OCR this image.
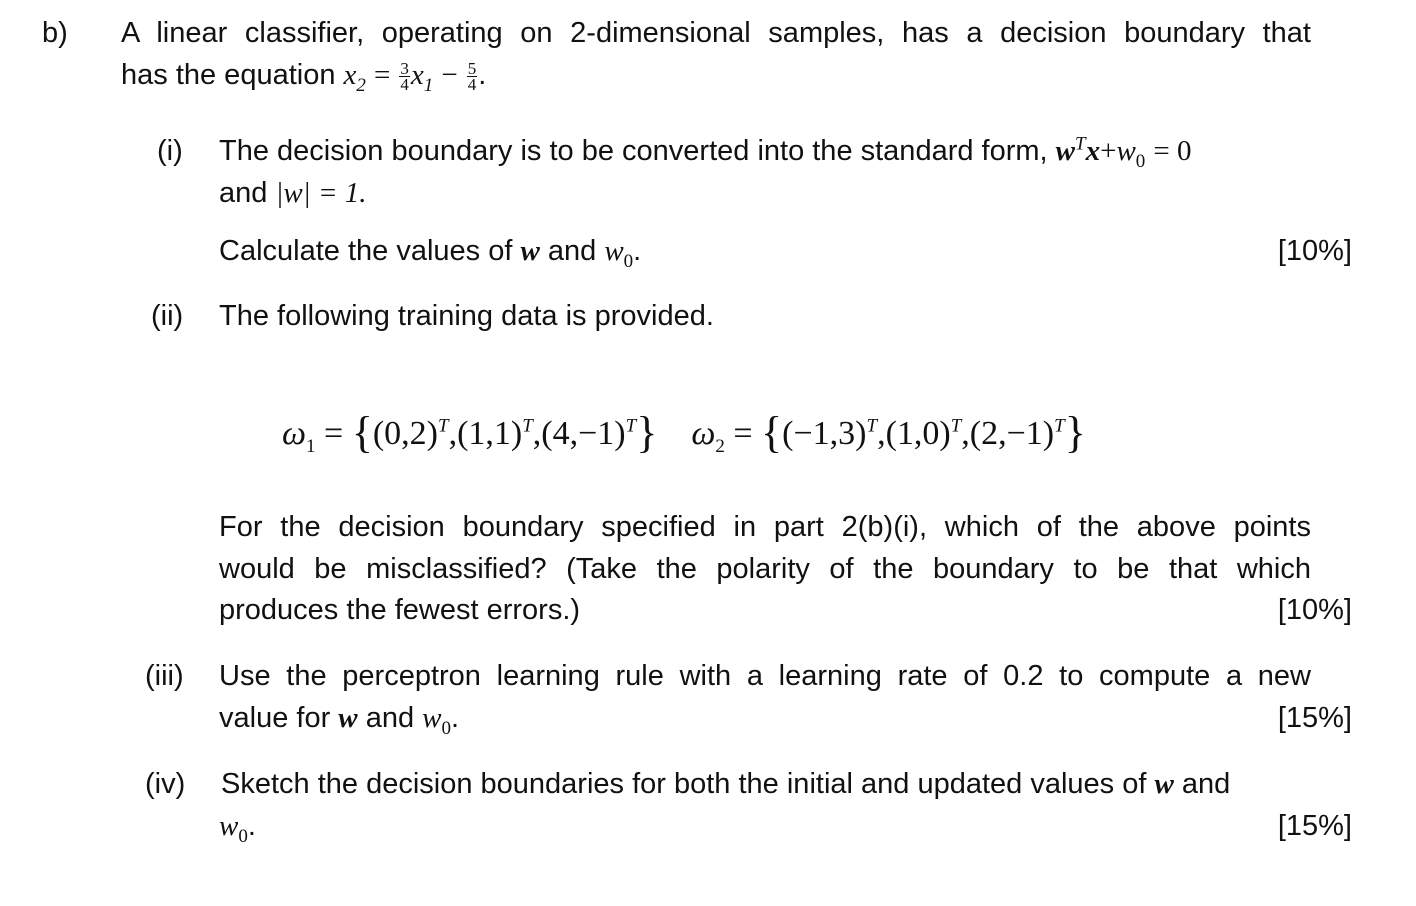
b) A linear classifier, operating on 2-dimensional samples, has a decision boundary that
has the equation $x_2 = \frac{3}{4} x_1 - \frac{5}{4}$ .
(i) The decision boundary is to be converted into the standard form, $w^Tx+w_0 = 0$
and |w| = 1.
Calculate the values of w and $w_0$.	[10%]
(ii) The following training data is provided.
$\omega_1 = \{(0,2)^T,(1,1)^T,(4,-1)^T\} \omega_2 = \{(-1,3)^T,(1,0)^T,(2,-1)^T\}$
For the decision boundary specified in part 2(b)(i), which of the above points
would be misclassified? (Take the polarity of the boundary to be that which
produces the fewest errors.)	[10%]
(iii) Use the perceptron learning rule with a learning rate of 0.2 to compute a new
value for w and $w_0$.	[15%]
(iv) Sketch the decision boundaries for both the initial and updated values of w and
$w_0$.	[15%]
